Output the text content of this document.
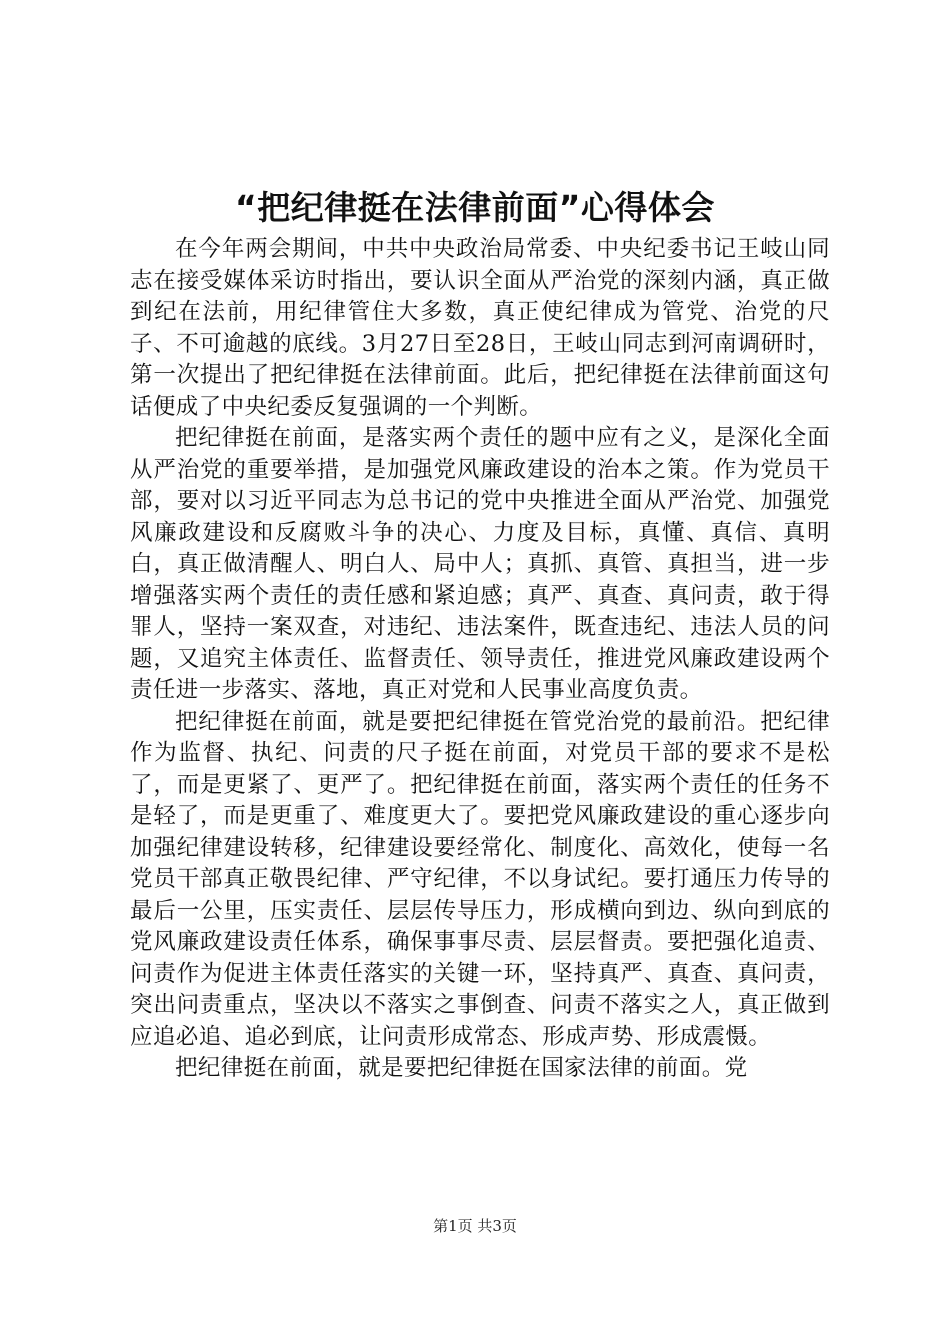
“把纪律挺在法律前面”心得体会

在今年两会期间，中共中央政治局常委、中央纪委书记王岐山同志在接受媒体采访时指出，要认识全面从严治党的深刻内涵，真正做到纪在法前，用纪律管住大多数，真正使纪律成为管党、治党的尺子、不可逾越的底线。3月27日至28日，王岐山同志到河南调研时，第一次提出了把纪律挺在法律前面。此后，把纪律挺在法律前面这句话便成了中央纪委反复强调的一个判断。

把纪律挺在前面，是落实两个责任的题中应有之义，是深化全面从严治党的重要举措，是加强党风廉政建设的治本之策。作为党员干部，要对以习近平同志为总书记的党中央推进全面从严治党、加强党风廉政建设和反腐败斗争的决心、力度及目标，真懂、真信、真明白，真正做清醒人、明白人、局中人；真抓、真管、真担当，进一步增强落实两个责任的责任感和紧迫感；真严、真查、真问责，敢于得罪人，坚持一案双查，对违纪、违法案件，既查违纪、违法人员的问题，又追究主体责任、监督责任、领导责任，推进党风廉政建设两个责任进一步落实、落地，真正对党和人民事业高度负责。

把纪律挺在前面，就是要把纪律挺在管党治党的最前沿。把纪律作为监督、执纪、问责的尺子挺在前面，对党员干部的要求不是松了，而是更紧了、更严了。把纪律挺在前面，落实两个责任的任务不是轻了，而是更重了、难度更大了。要把党风廉政建设的重心逐步向加强纪律建设转移，纪律建设要经常化、制度化、高效化，使每一名党员干部真正敬畏纪律、严守纪律，不以身试纪。要打通压力传导的最后一公里，压实责任、层层传导压力，形成横向到边、纵向到底的党风廉政建设责任体系，确保事事尽责、层层督责。要把强化追责、问责作为促进主体责任落实的关键一环，坚持真严、真查、真问责，突出问责重点，坚决以不落实之事倒查、问责不落实之人，真正做到应追必追、追必到底，让问责形成常态、形成声势、形成震慑。

把纪律挺在前面，就是要把纪律挺在国家法律的前面。党

第1页 共3页
